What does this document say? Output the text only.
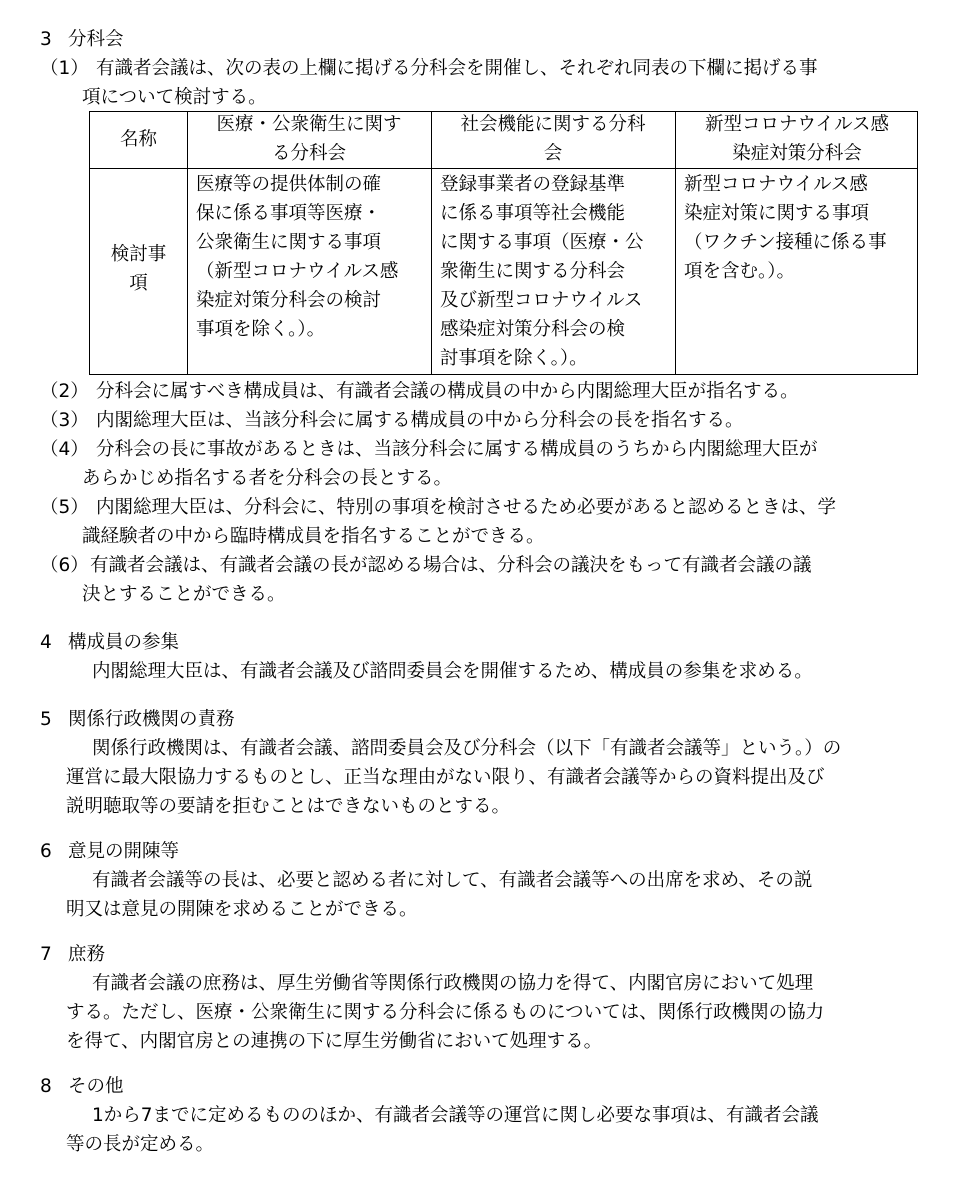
3 分科会
（1） 有識者会議は、次の表の上欄に掲げる分科会を開催し、それぞれ同表の下欄に掲げる事
項について検討する。
名称
医療・公衆衛生に関す
る分科会
社会機能に関する分科
会
新型コロナウイルス感
染症対策分科会
検討事
項
医療等の提供体制の確
保に係る事項等医療・
公衆衛生に関する事項
（新型コロナウイルス感
染症対策分科会の検討
事項を除く。）。
登録事業者の登録基準
に係る事項等社会機能
に関する事項（医療・公
衆衛生に関する分科会
及び新型コロナウイルス
感染症対策分科会の検
討事項を除く。）。
新型コロナウイルス感
染症対策に関する事項
（ワクチン接種に係る事
項を含む。）。
（2） 分科会に属すべき構成員は、有識者会議の構成員の中から内閣総理大臣が指名する。
（3） 内閣総理大臣は、当該分科会に属する構成員の中から分科会の長を指名する。
（4） 分科会の長に事故があるときは、当該分科会に属する構成員のうちから内閣総理大臣が
あらかじめ指名する者を分科会の長とする。
（5） 内閣総理大臣は、分科会に、特別の事項を検討させるため必要があると認めるときは、学
識経験者の中から臨時構成員を指名することができる。
（6） 有識者会議は、有識者会議の長が認める場合は、分科会の議決をもって有識者会議の議
決とすることができる。
4 構成員の参集
内閣総理大臣は、有識者会議及び諮問委員会を開催するため、構成員の参集を求める。
5 関係行政機関の責務
関係行政機関は、有識者会議、諮問委員会及び分科会（以下「有識者会議等」という。）の
運営に最大限協力するものとし、正当な理由がない限り、有識者会議等からの資料提出及び
説明聴取等の要請を拒むことはできないものとする。
6 意見の開陳等
有識者会議等の長は、必要と認める者に対して、有識者会議等への出席を求め、その説
明又は意見の開陳を求めることができる。
7 庶務
有識者会議の庶務は、厚生労働省等関係行政機関の協力を得て、内閣官房において処理
する。ただし、医療・公衆衛生に関する分科会に係るものについては、関係行政機関の協力
を得て、内閣官房との連携の下に厚生労働省において処理する。
8 その他
1から7までに定めるもののほか、有識者会議等の運営に関し必要な事項は、有識者会議
等の長が定める。
